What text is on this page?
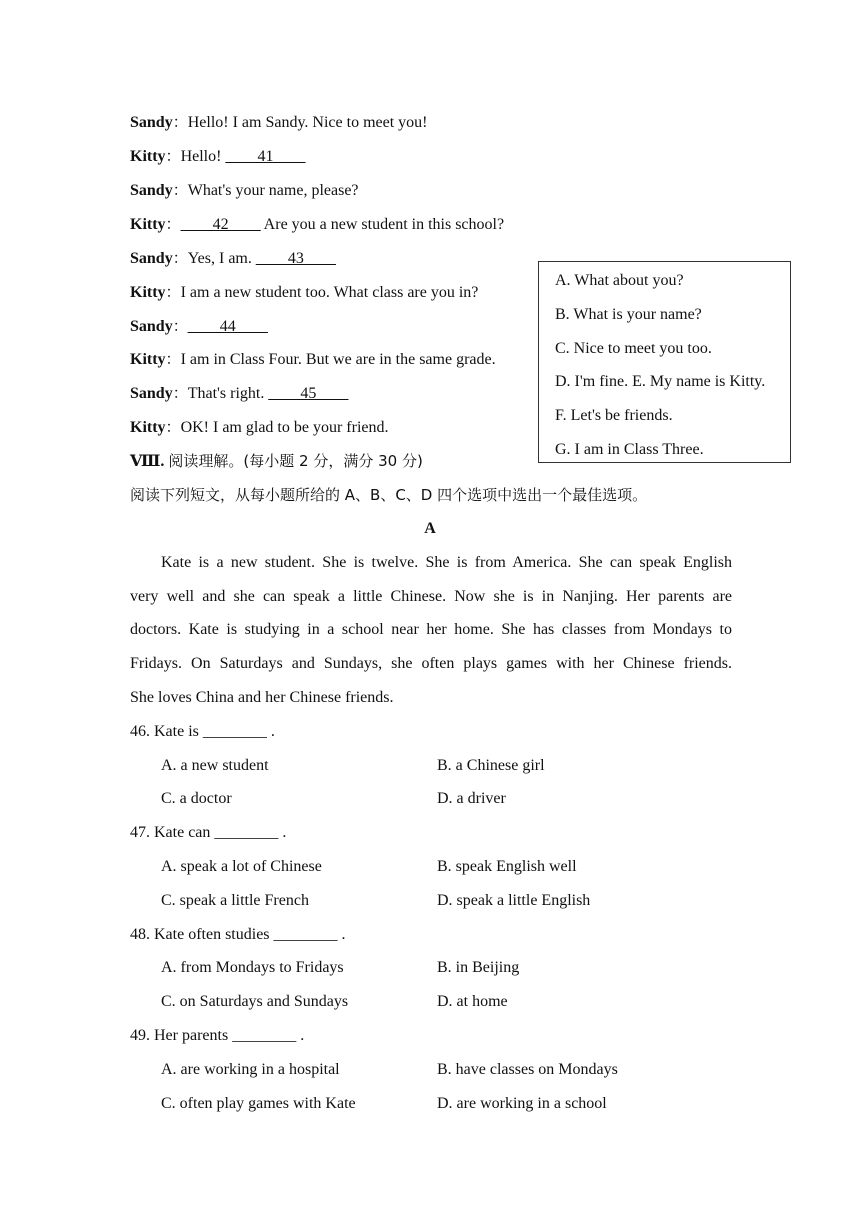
Sandy：Hello! I am Sandy. Nice to meet you!
Kitty：Hello! ____41____
Sandy：What's your name, please?
Kitty：____42____ Are you a new student in this school?
Sandy：Yes, I am. ____43____
Kitty：I am a new student too. What class are you in?
Sandy：____44____
Kitty：I am in Class Four. But we are in the same grade.
Sandy：That's right. ____45____
Kitty：OK! I am glad to be your friend.
A. What about you?
B. What is your name?
C. Nice to meet you too.
D. I'm fine. E. My name is Kitty.
F. Let's be friends.
G. I am in Class Three.
Ⅷ. 阅读理解。(每小题 2 分，满分 30 分)
阅读下列短文，从每小题所给的 A、B、C、D 四个选项中选出一个最佳选项。
A
Kate is a new student. She is twelve. She is from America. She can speak English
very well and she can speak a little Chinese. Now she is in Nanjing. Her parents are
doctors. Kate is studying in a school near her home. She has classes from Mondays to
Fridays. On Saturdays and Sundays, she often plays games with her Chinese friends.
She loves China and her Chinese friends.
46. Kate is ________ .
A. a new student	B. a Chinese girl
C. a doctor	D. a driver
47. Kate can ________ .
A. speak a lot of Chinese	B. speak English well
C. speak a little French	D. speak a little English
48. Kate often studies ________ .
A. from Mondays to Fridays	B. in Beijing
C. on Saturdays and Sundays	D. at home
49. Her parents ________ .
A. are working in a hospital	B. have classes on Mondays
C. often play games with Kate	D. are working in a school
